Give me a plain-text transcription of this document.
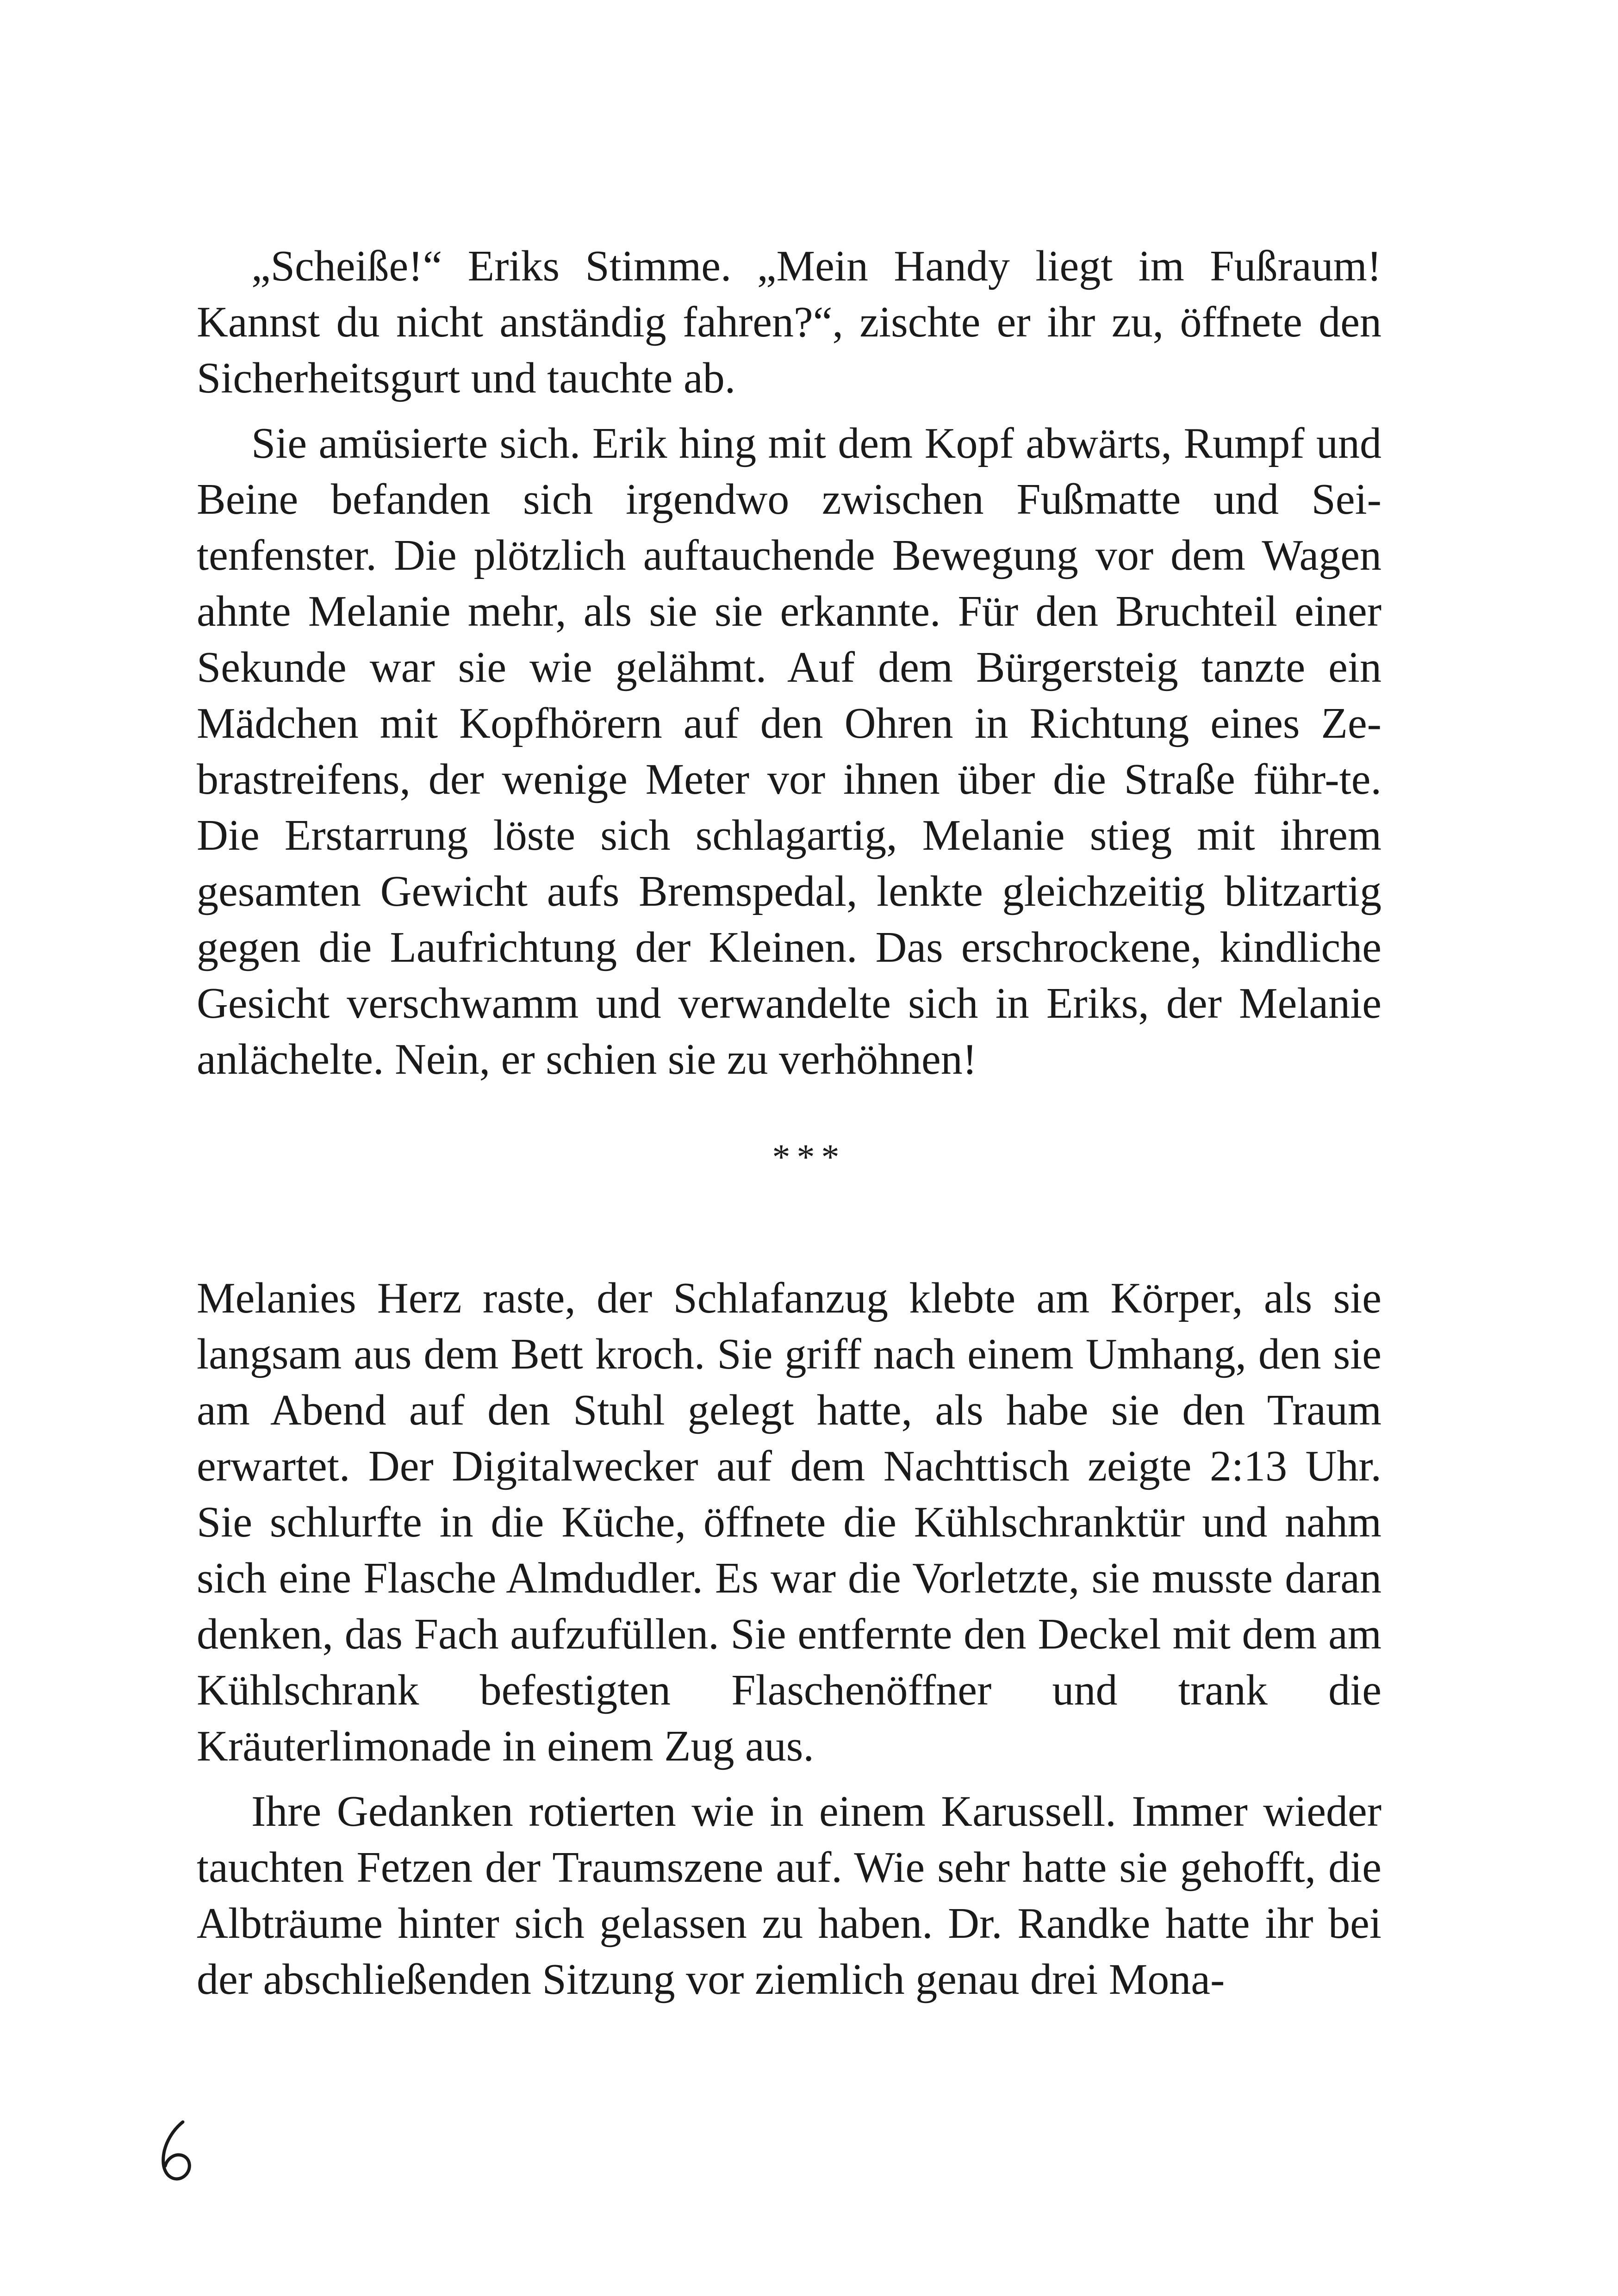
„Scheiße!“ Eriks Stimme. „Mein Handy liegt im Fußraum! Kannst du nicht anständig fahren?“, zischte er ihr zu, öffnete den Sicherheitsgurt und tauchte ab.

Sie amüsierte sich. Erik hing mit dem Kopf abwärts, Rumpf und Beine befanden sich irgendwo zwischen Fußmatte und Sei-tenfenster. Die plötzlich auftauchende Bewegung vor dem Wagen ahnte Melanie mehr, als sie sie erkannte. Für den Bruchteil einer Sekunde war sie wie gelähmt. Auf dem Bürgersteig tanzte ein Mädchen mit Kopfhörern auf den Ohren in Richtung eines Ze-brastreifens, der wenige Meter vor ihnen über die Straße führ-te. Die Erstarrung löste sich schlagartig, Melanie stieg mit ihrem gesamten Gewicht aufs Bremspedal, lenkte gleichzeitig blitzartig gegen die Laufrichtung der Kleinen. Das erschrockene, kindliche Gesicht verschwamm und verwandelte sich in Eriks, der Melanie anlächelte. Nein, er schien sie zu verhöhnen!

***

Melanies Herz raste, der Schlafanzug klebte am Körper, als sie langsam aus dem Bett kroch. Sie griff nach einem Umhang, den sie am Abend auf den Stuhl gelegt hatte, als habe sie den Traum erwartet. Der Digitalwecker auf dem Nachttisch zeigte 2:13 Uhr. Sie schlurfte in die Küche, öffnete die Kühlschranktür und nahm sich eine Flasche Almdudler. Es war die Vorletzte, sie musste daran denken, das Fach aufzufüllen. Sie entfernte den Deckel mit dem am Kühlschrank befestigten Flaschenöffner und trank die Kräuterlimonade in einem Zug aus.

Ihre Gedanken rotierten wie in einem Karussell. Immer wieder tauchten Fetzen der Traumszene auf. Wie sehr hatte sie gehofft, die Albträume hinter sich gelassen zu haben. Dr. Randke hatte ihr bei der abschließenden Sitzung vor ziemlich genau drei Mona-
